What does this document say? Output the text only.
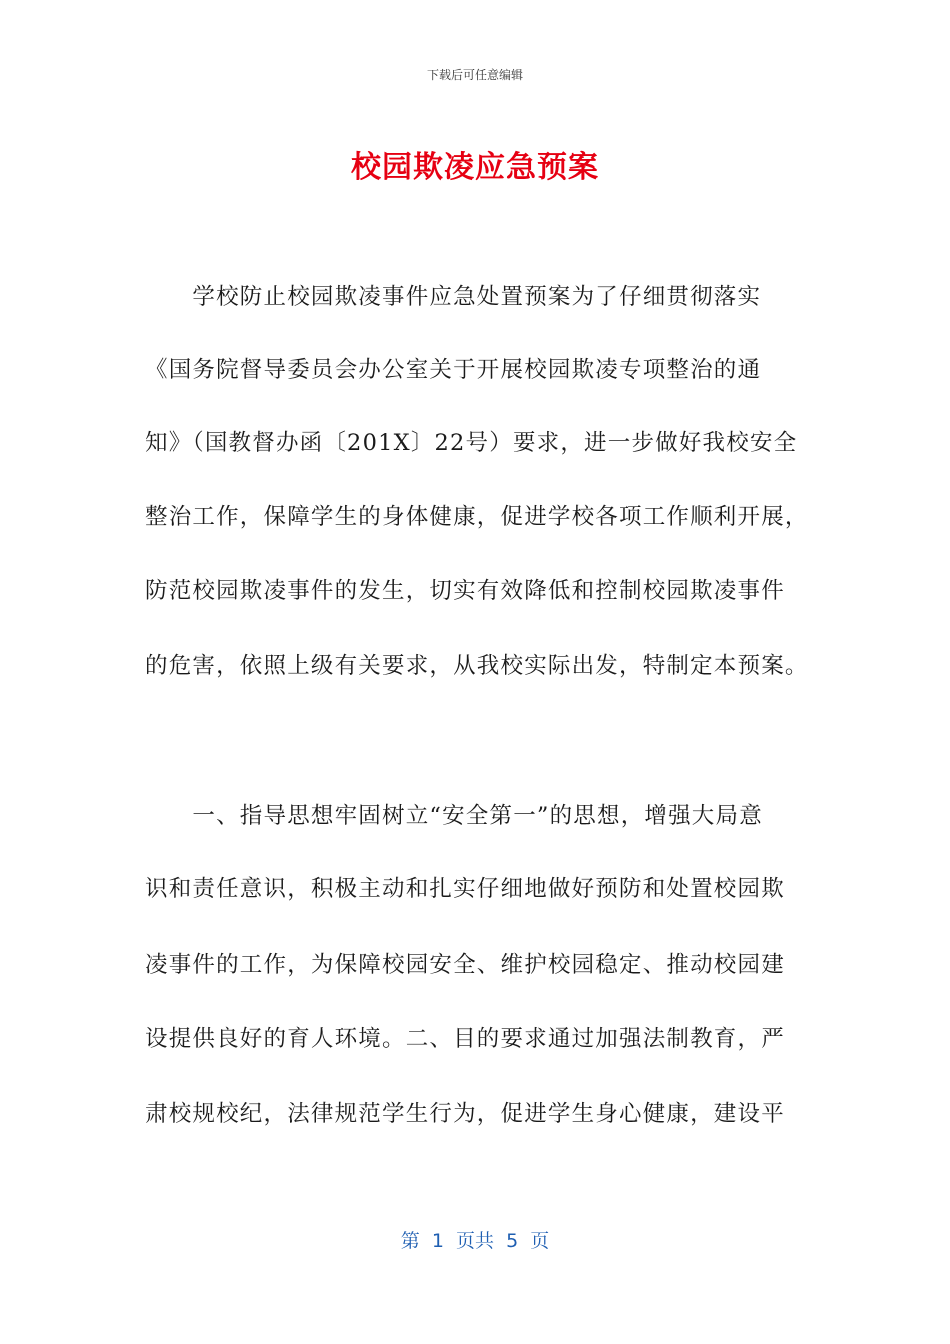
下载后可任意编辑
校园欺凌应急预案
　　学校防止校园欺凌事件应急处置预案为了仔细贯彻落实
《国务院督导委员会办公室关于开展校园欺凌专项整治的通
知》（国教督办函〔201X〕22号）要求，进一步做好我校安全
整治工作，保障学生的身体健康，促进学校各项工作顺利开展，
防范校园欺凌事件的发生，切实有效降低和控制校园欺凌事件
的危害，依照上级有关要求，从我校实际出发，特制定本预案。
　　一、指导思想牢固树立“安全第一”的思想，增强大局意
识和责任意识，积极主动和扎实仔细地做好预防和处置校园欺
凌事件的工作，为保障校园安全、维护校园稳定、推动校园建
设提供良好的育人环境。二、目的要求通过加强法制教育，严
肃校规校纪，法律规范学生行为，促进学生身心健康，建设平
第  1  页共  5  页
